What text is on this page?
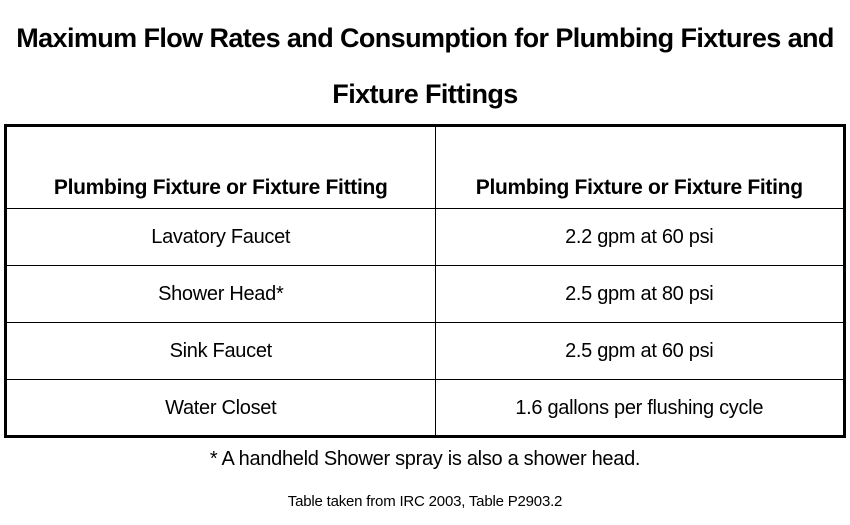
Maximum Flow Rates and Consumption for Plumbing Fixtures and Fixture Fittings
Plumbing Fixture or Fixture Fitting	Plumbing Fixture or Fixture Fiting
Lavatory Faucet	2.2 gpm at 60 psi
Shower Head*	2.5 gpm at 80 psi
Sink Faucet	2.5 gpm at 60 psi
Water Closet	1.6 gallons per flushing cycle
* A handheld Shower spray is also a shower head.
Table taken from IRC 2003, Table P2903.2
